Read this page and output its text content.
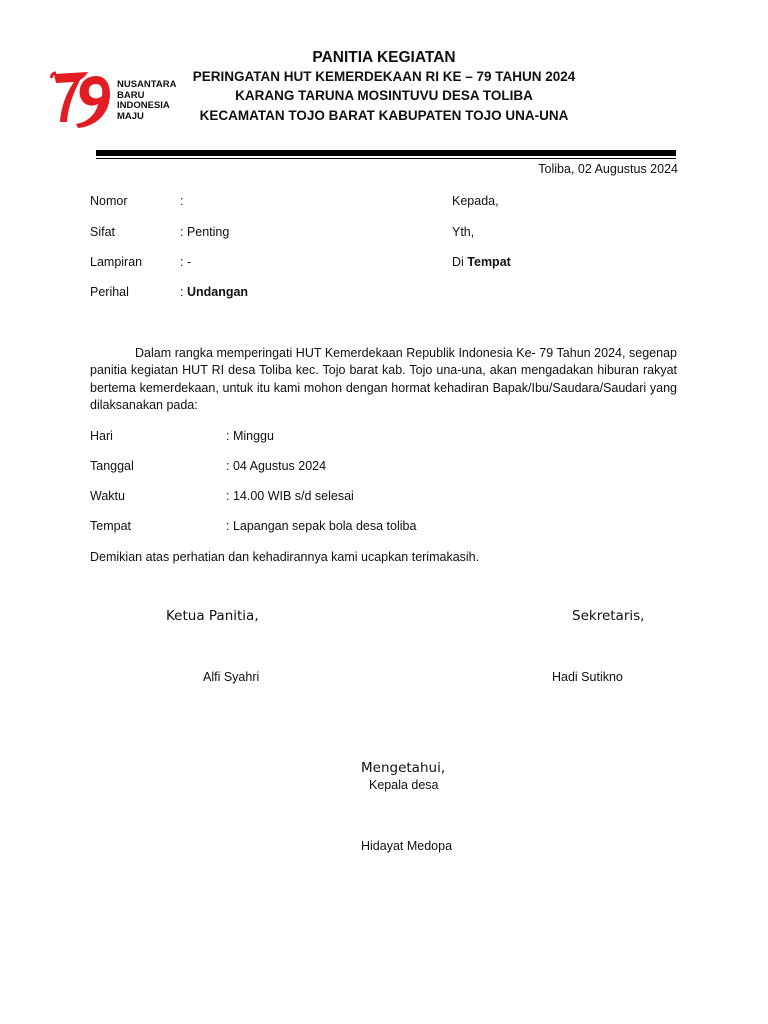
NUSANTARA
BARU
INDONESIA
MAJU
PANITIA KEGIATAN
PERINGATAN HUT KEMERDEKAAN RI KE – 79 TAHUN 2024
KARANG TARUNA MOSINTUVU DESA TOLIBA
KECAMATAN TOJO BARAT KABUPATEN TOJO UNA-UNA
Toliba, 02 Augustus 2024
Nomor	:
Sifat	: Penting
Lampiran	: -
Perihal	: Undangan
Kepada,
Yth,
Di Tempat
Dalam rangka memperingati HUT Kemerdekaan Republik Indonesia Ke- 79 Tahun 2024, segenap panitia kegiatan HUT RI desa Toliba kec. Tojo barat kab. Tojo una-una, akan mengadakan hiburan rakyat bertema kemerdekaan, untuk itu kami mohon dengan hormat kehadiran Bapak/Ibu/Saudara/Saudari yang dilaksanakan pada:
Hari	: Minggu
Tanggal	: 04 Agustus 2024
Waktu	: 14.00 WIB s/d selesai
Tempat	: Lapangan sepak bola desa toliba
Demikian atas perhatian dan kehadirannya kami ucapkan terimakasih.
Ketua Panitia,
Alfi Syahri
Sekretaris,
Hadi Sutikno
Mengetahui,
Kepala desa
Hidayat Medopa
